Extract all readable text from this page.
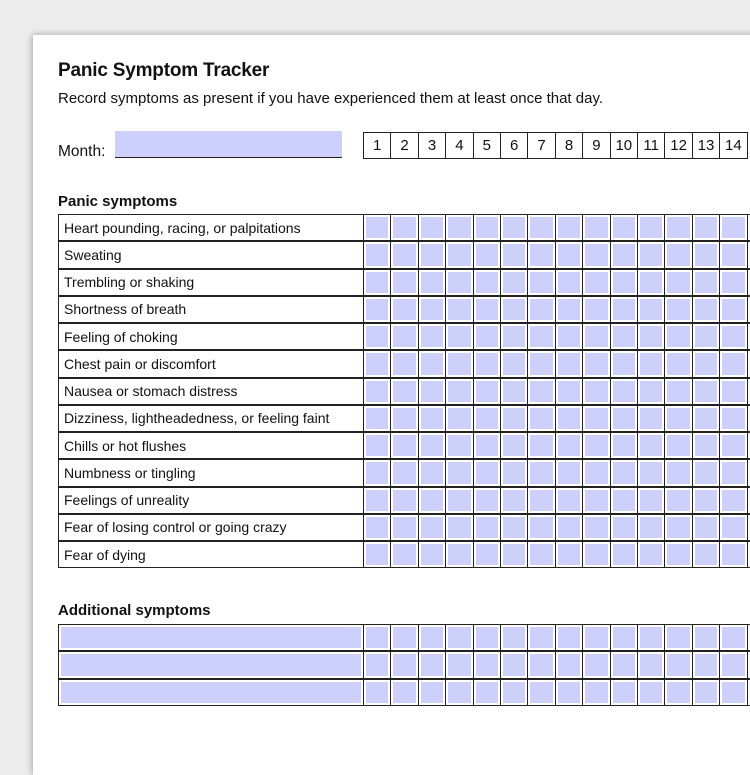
Panic Symptom Tracker
Record symptoms as present if you have experienced them at least once that day.
Month:	1	2	3	4	5	6	7	8	9 10 11 12 13 14
Panic symptoms
Heart pounding, racing, or palpitations
Sweating
Trembling or shaking
Shortness of breath
Feeling of choking
Chest pain or discomfort
Nausea or stomach distress
Dizziness, lightheadedness, or feeling faint
Chills or hot flushes
Numbness or tingling
Feelings of unreality
Fear of losing control or going crazy
Fear of dying
Additional symptoms
